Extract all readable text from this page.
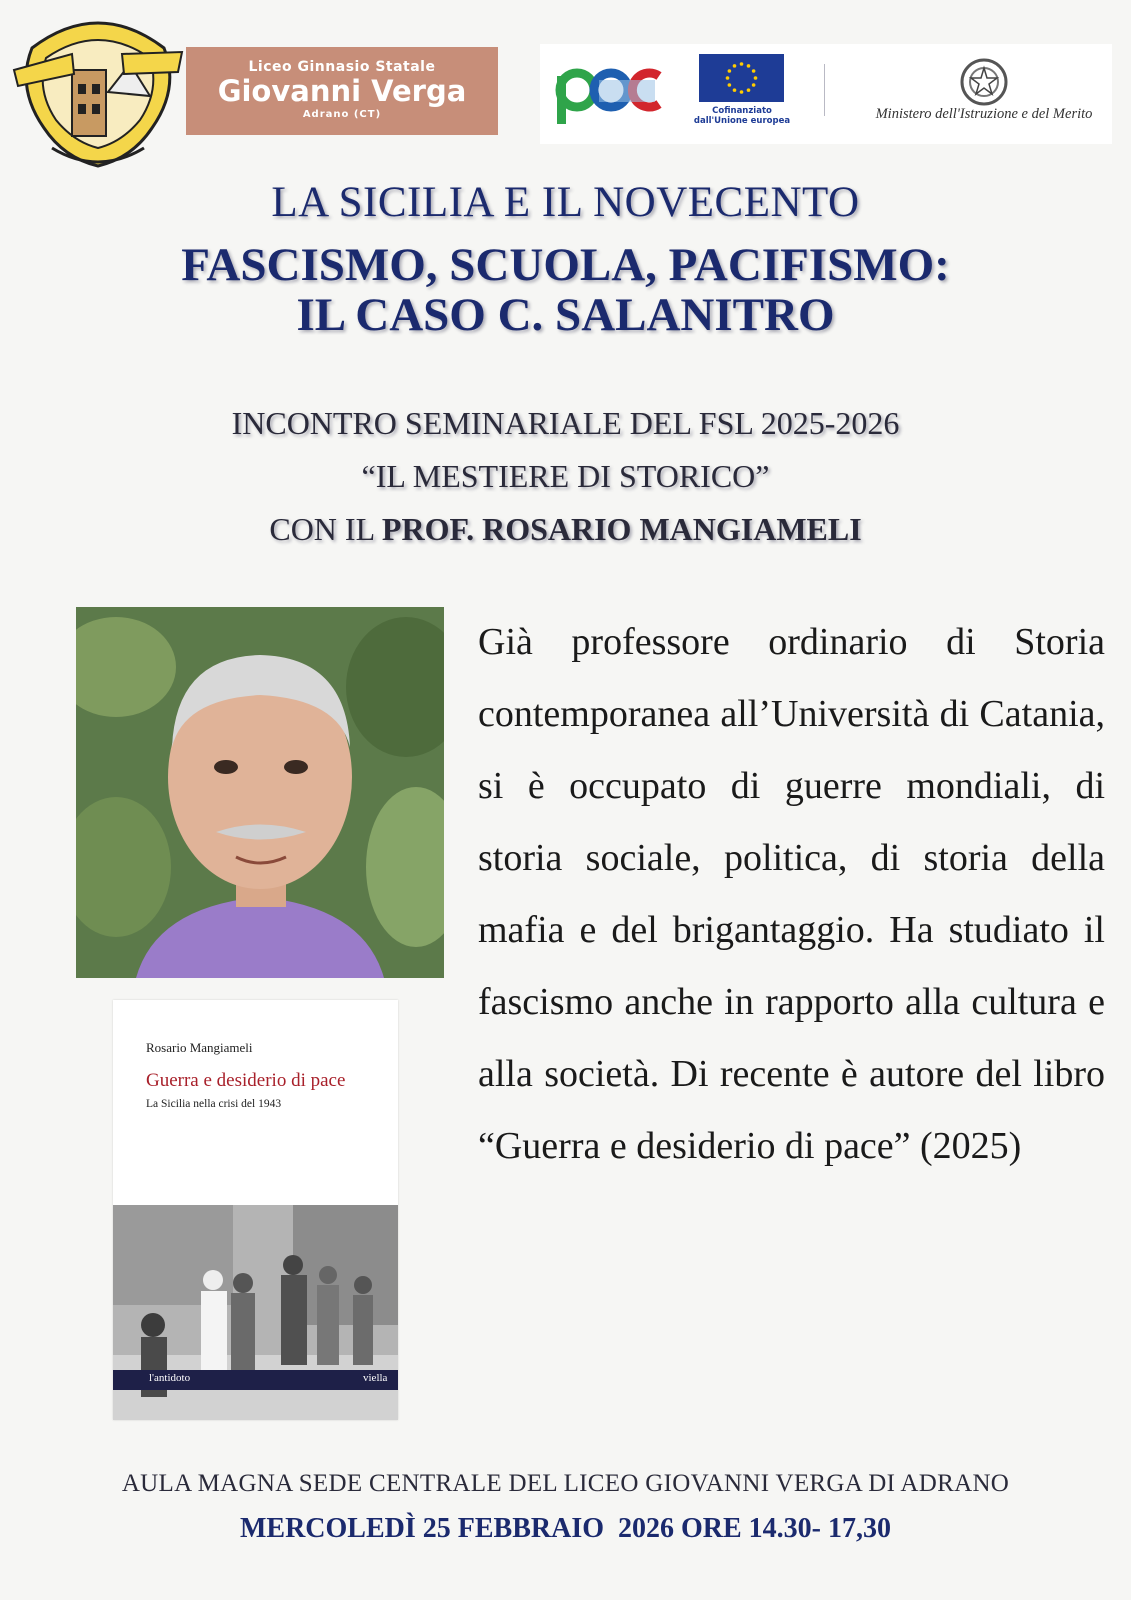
Liceo Ginnasio Statale
Giovanni Verga
Adrano (CT)	Cofinanziato dall'Unione europea	Ministero dell'Istruzione e del Merito
LA SICILIA E IL NOVECENTO
FASCISMO, SCUOLA, PACIFISMO:
IL CASO C. SALANITRO
INCONTRO SEMINARIALE DEL FSL 2025-2026
“IL MESTIERE DI STORICO”
CON IL PROF. ROSARIO MANGIAMELI
Rosario Mangiameli
Guerra e desiderio di pace
La Sicilia nella crisi del 1943
l'antidoto	viella
Già professore ordinario di Storia contemporanea all’Università di Catania, si è occupato di guerre mondiali, di storia sociale, politica, di storia della mafia e del brigantaggio. Ha studiato il fascismo anche in rapporto alla cultura e alla società. Di recente è autore del libro “Guerra e desiderio di pace” (2025)
AULA MAGNA SEDE CENTRALE DEL LICEO GIOVANNI VERGA DI ADRANO
MERCOLEDÌ 25 FEBBRAIO  2026 ORE 14.30- 17,30
